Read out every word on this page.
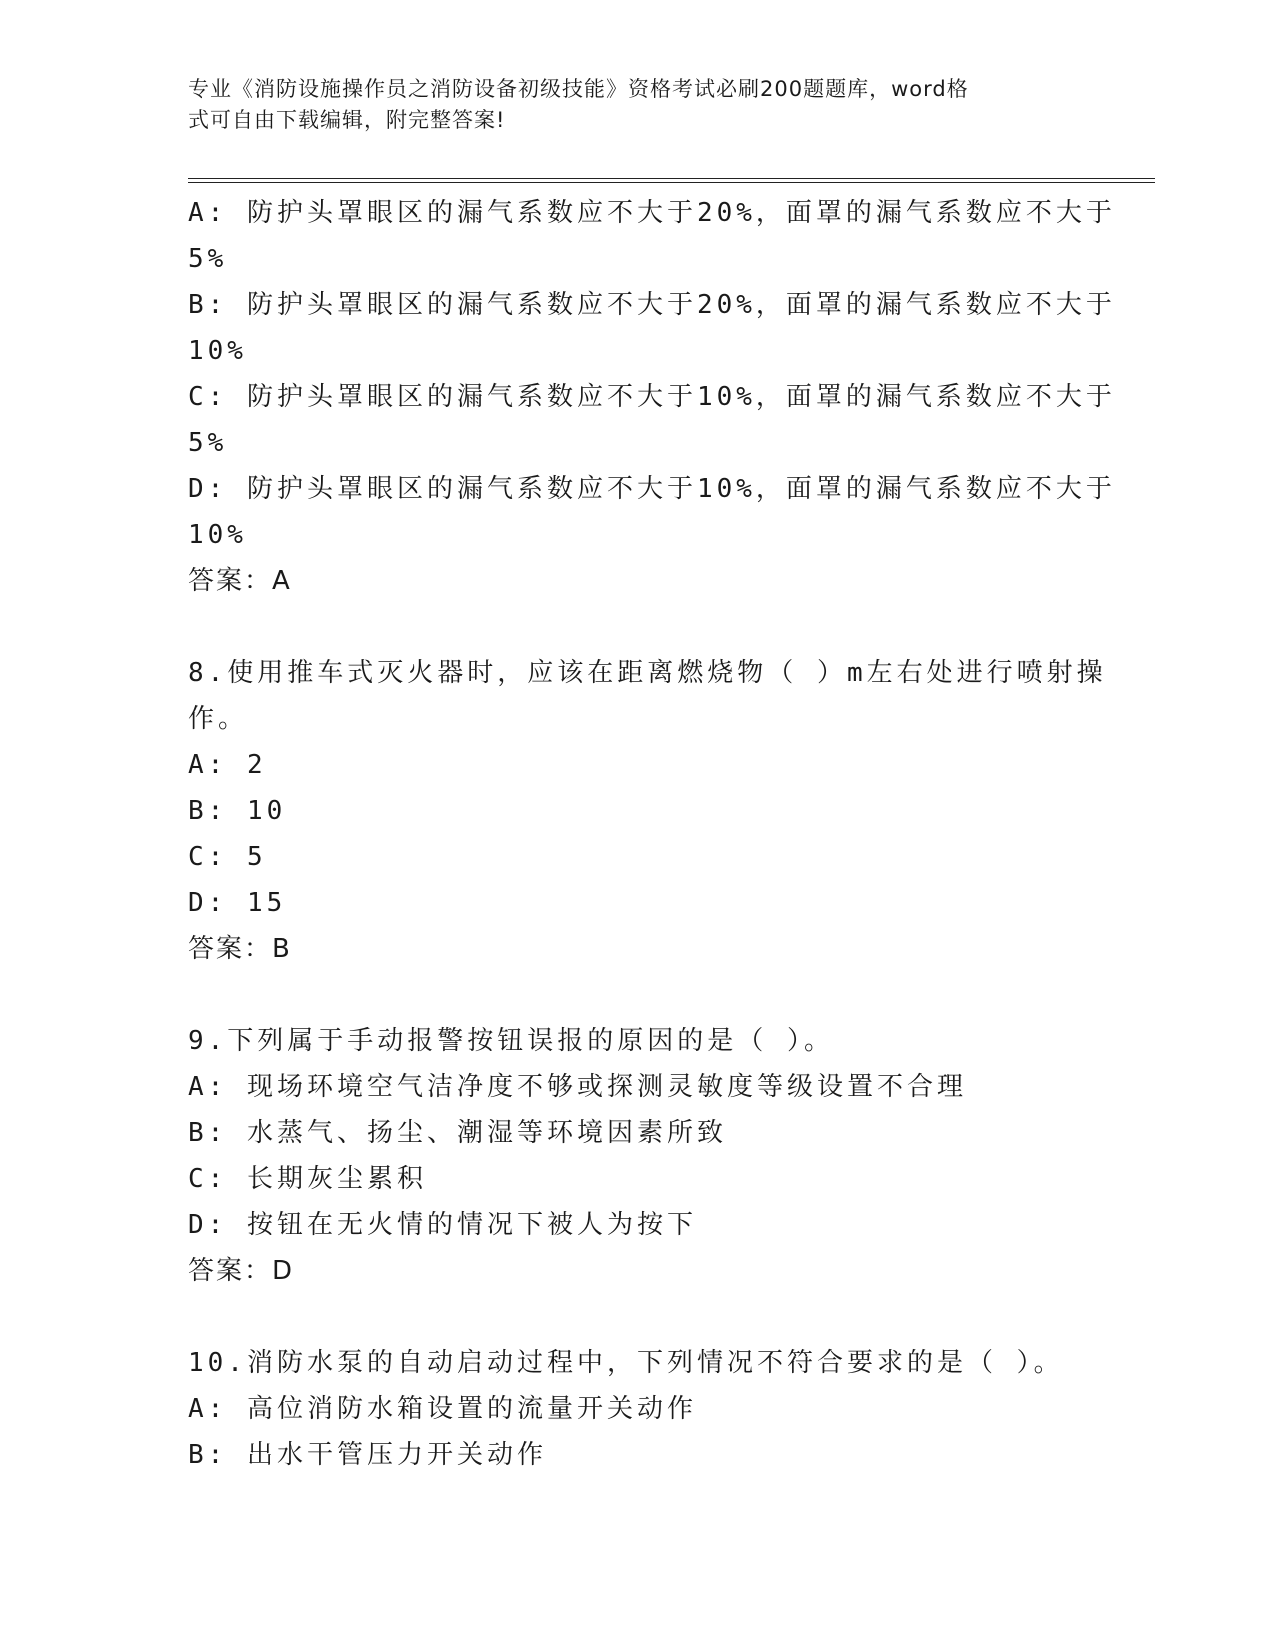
专业《消防设施操作员之消防设备初级技能》资格考试必刷200题题库，word格
式可自由下载编辑，附完整答案!
A: 防护头罩眼区的漏气系数应不大于20%，面罩的漏气系数应不大于
5%
B: 防护头罩眼区的漏气系数应不大于20%，面罩的漏气系数应不大于
10%
C: 防护头罩眼区的漏气系数应不大于10%，面罩的漏气系数应不大于
5%
D: 防护头罩眼区的漏气系数应不大于10%，面罩的漏气系数应不大于
10%
答案：A
8.使用推车式灭火器时，应该在距离燃烧物（ ）m左右处进行喷射操
作。
A: 2
B: 10
C: 5
D: 15
答案：B
9.下列属于手动报警按钮误报的原因的是（ ）。
A: 现场环境空气洁净度不够或探测灵敏度等级设置不合理
B: 水蒸气、扬尘、潮湿等环境因素所致
C: 长期灰尘累积
D: 按钮在无火情的情况下被人为按下
答案：D
10.消防水泵的自动启动过程中，下列情况不符合要求的是（ ）。
A: 高位消防水箱设置的流量开关动作
B: 出水干管压力开关动作
